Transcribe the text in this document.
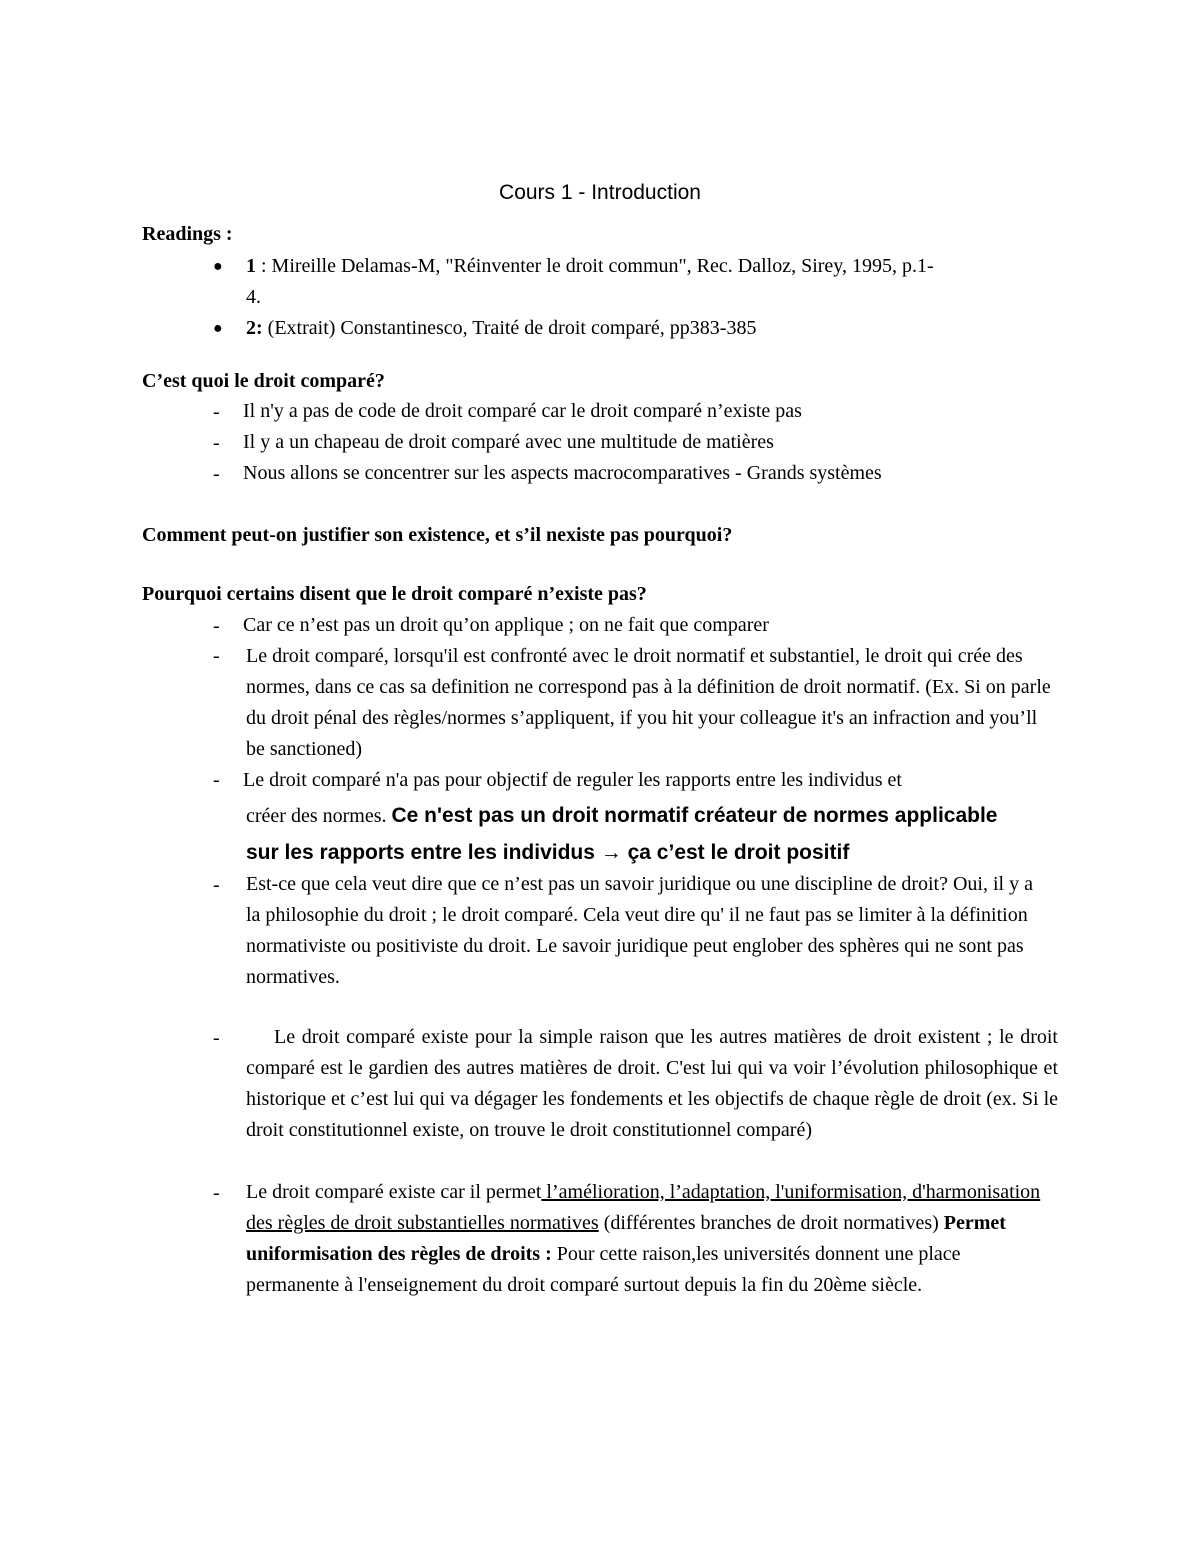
Cours 1 - Introduction
Readings :
● 1 : Mireille Delamas-M, "Réinventer le droit commun", Rec. Dalloz, Sirey, 1995, p.1-
4.
● 2: (Extrait) Constantinesco, Traité de droit comparé, pp383-385
C’est quoi le droit comparé?
- Il n'y a pas de code de droit comparé car le droit comparé n’existe pas
- Il y a un chapeau de droit comparé avec une multitude de matières
- Nous allons se concentrer sur les aspects macrocomparatives - Grands systèmes
Comment peut-on justifier son existence, et s’il nexiste pas pourquoi?
Pourquoi certains disent que le droit comparé n’existe pas?
- Car ce n’est pas un droit qu’on applique ; on ne fait que comparer
- Le droit comparé, lorsqu'il est confronté avec le droit normatif et substantiel, le droit qui crée des normes, dans ce cas sa definition ne correspond pas à la définition de droit normatif. (Ex. Si on parle du droit pénal des règles/normes s’appliquent, if you hit your colleague it's an infraction and you’ll be sanctioned)
- Le droit comparé n'a pas pour objectif de reguler les rapports entre les individus et
créer des normes. Ce n'est pas un droit normatif créateur de normes applicable
sur les rapports entre les individus → ça c’est le droit positif
- Est-ce que cela veut dire que ce n’est pas un savoir juridique ou une discipline de droit? Oui, il y a la philosophie du droit ; le droit comparé. Cela veut dire qu' il ne faut pas se limiter à la définition normativiste ou positiviste du droit. Le savoir juridique peut englober des sphères qui ne sont pas normatives.
-	Le droit comparé existe pour la simple raison que les autres matières de droit existent ; le droit comparé est le gardien des autres matières de droit. C'est lui qui va voir l’évolution philosophique et historique et c’est lui qui va dégager les fondements et les objectifs de chaque règle de droit (ex. Si le droit constitutionnel existe, on trouve le droit constitutionnel comparé)
- Le droit comparé existe car il permet l’amélioration, l’adaptation, l'uniformisation, d'harmonisation des règles de droit substantielles normatives (différentes branches de droit normatives) Permet uniformisation des règles de droits : Pour cette raison,les universités donnent une place permanente à l'enseignement du droit comparé surtout depuis la fin du 20ème siècle.
